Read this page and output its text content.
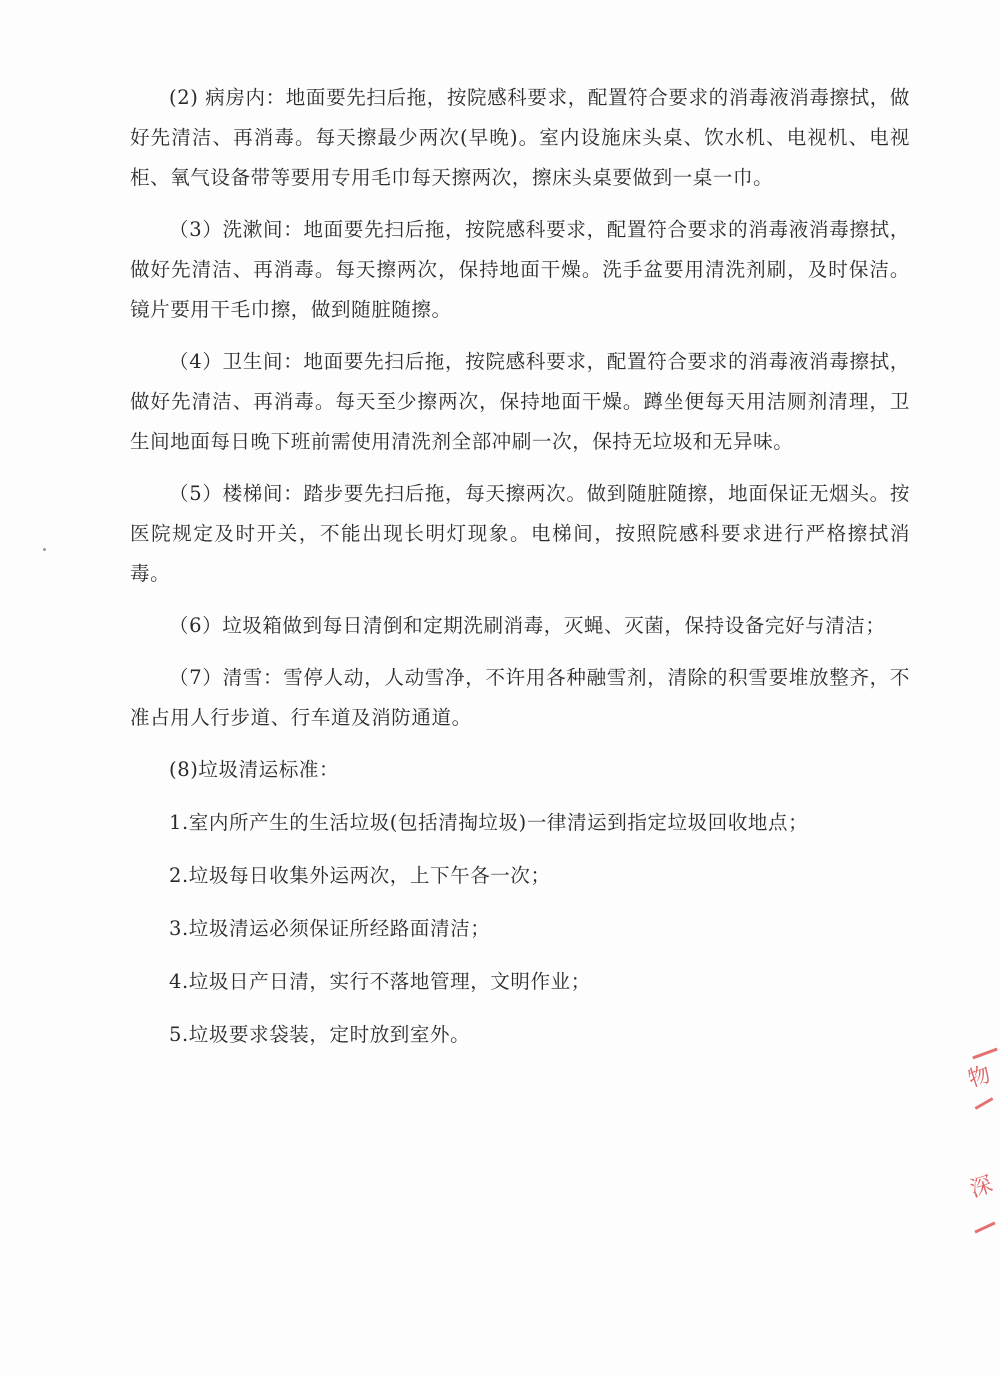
(2) 病房内：地面要先扫后拖，按院感科要求，配置符合要求的消毒液消毒擦拭，做好先清洁、再消毒。每天擦最少两次(早晚)。室内设施床头桌、饮水机、电视机、电视柜、氧气设备带等要用专用毛巾每天擦两次，擦床头桌要做到一桌一巾。

（3）洗漱间：地面要先扫后拖，按院感科要求，配置符合要求的消毒液消毒擦拭，做好先清洁、再消毒。每天擦两次，保持地面干燥。洗手盆要用清洗剂刷，及时保洁。镜片要用干毛巾擦，做到随脏随擦。

（4）卫生间：地面要先扫后拖，按院感科要求，配置符合要求的消毒液消毒擦拭，做好先清洁、再消毒。每天至少擦两次，保持地面干燥。蹲坐便每天用洁厕剂清理，卫生间地面每日晚下班前需使用清洗剂全部冲刷一次，保持无垃圾和无异味。

（5）楼梯间：踏步要先扫后拖，每天擦两次。做到随脏随擦，地面保证无烟头。按医院规定及时开关，不能出现长明灯现象。电梯间，按照院感科要求进行严格擦拭消毒。

（6）垃圾箱做到每日清倒和定期洗刷消毒，灭蝇、灭菌，保持设备完好与清洁；

（7）清雪：雪停人动，人动雪净，不许用各种融雪剂，清除的积雪要堆放整齐，不准占用人行步道、行车道及消防通道。

(8)垃圾清运标准：

1.室内所产生的生活垃圾(包括清掏垃圾)一律清运到指定垃圾回收地点；

2.垃圾每日收集外运两次，上下午各一次；

3.垃圾清运必须保证所经路面清洁；

4.垃圾日产日清，实行不落地管理，文明作业；

5.垃圾要求袋装，定时放到室外。

物
深
